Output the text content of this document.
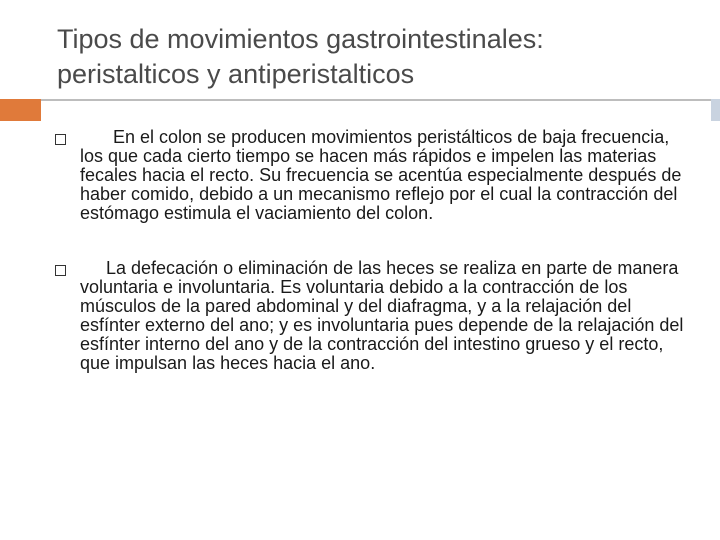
Tipos de movimientos gastrointestinales:
peristalticos y antiperistalticos
En el colon se producen movimientos peristálticos de baja frecuencia, los que cada cierto tiempo se hacen más rápidos e impelen las materias fecales hacia el recto. Su frecuencia se acentúa especialmente después de haber comido, debido a un mecanismo reflejo por el cual la contracción del estómago estimula el vaciamiento del colon.
La defecación o eliminación de las heces se realiza en parte de manera voluntaria e involuntaria. Es voluntaria debido a la contracción de los músculos de la pared abdominal y del diafragma, y a la relajación del esfínter externo del ano; y es involuntaria pues depende de la relajación del esfínter interno del ano y de la contracción del intestino grueso y el recto, que impulsan las heces hacia el ano.
